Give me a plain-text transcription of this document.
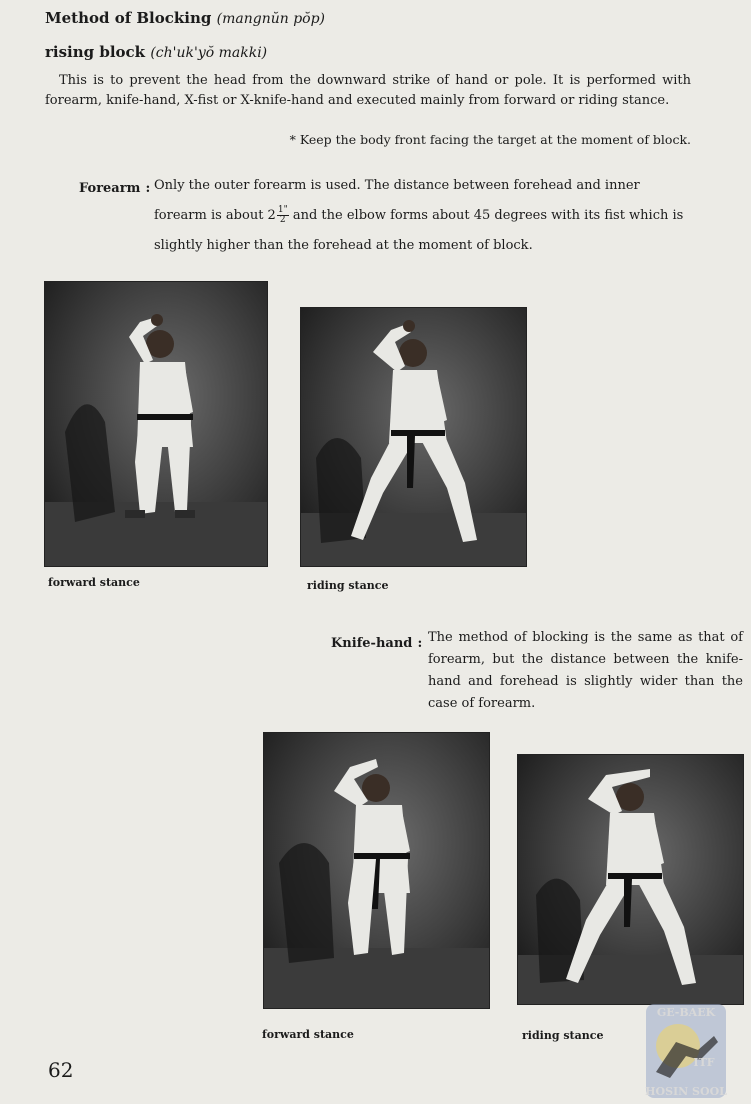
Method of Blocking (mangnŭn pŏp)
rising block (ch'uk'yŏ makki)
This is to prevent the head from the downward strike of hand or pole. It is performed with forearm, knife-hand, X-fist or X-knife-hand and executed mainly from forward or riding stance.
* Keep the body front facing the target at the moment of block.
Forearm : Only the outer forearm is used. The distance between forehead and inner
forearm is about $2 \frac{1"}{2}$ and the elbow forms about 45 degrees with its fist which is
slightly higher than the forehead at the moment of block.
forward stance	riding stance
Knife-hand : The method of blocking is the same as that of forearm, but the distance between the knife-hand and forehead is slightly wider than the case of forearm.
forward stance	riding stance
62
GE-BAEK
ITF
HOSIN SOOL
